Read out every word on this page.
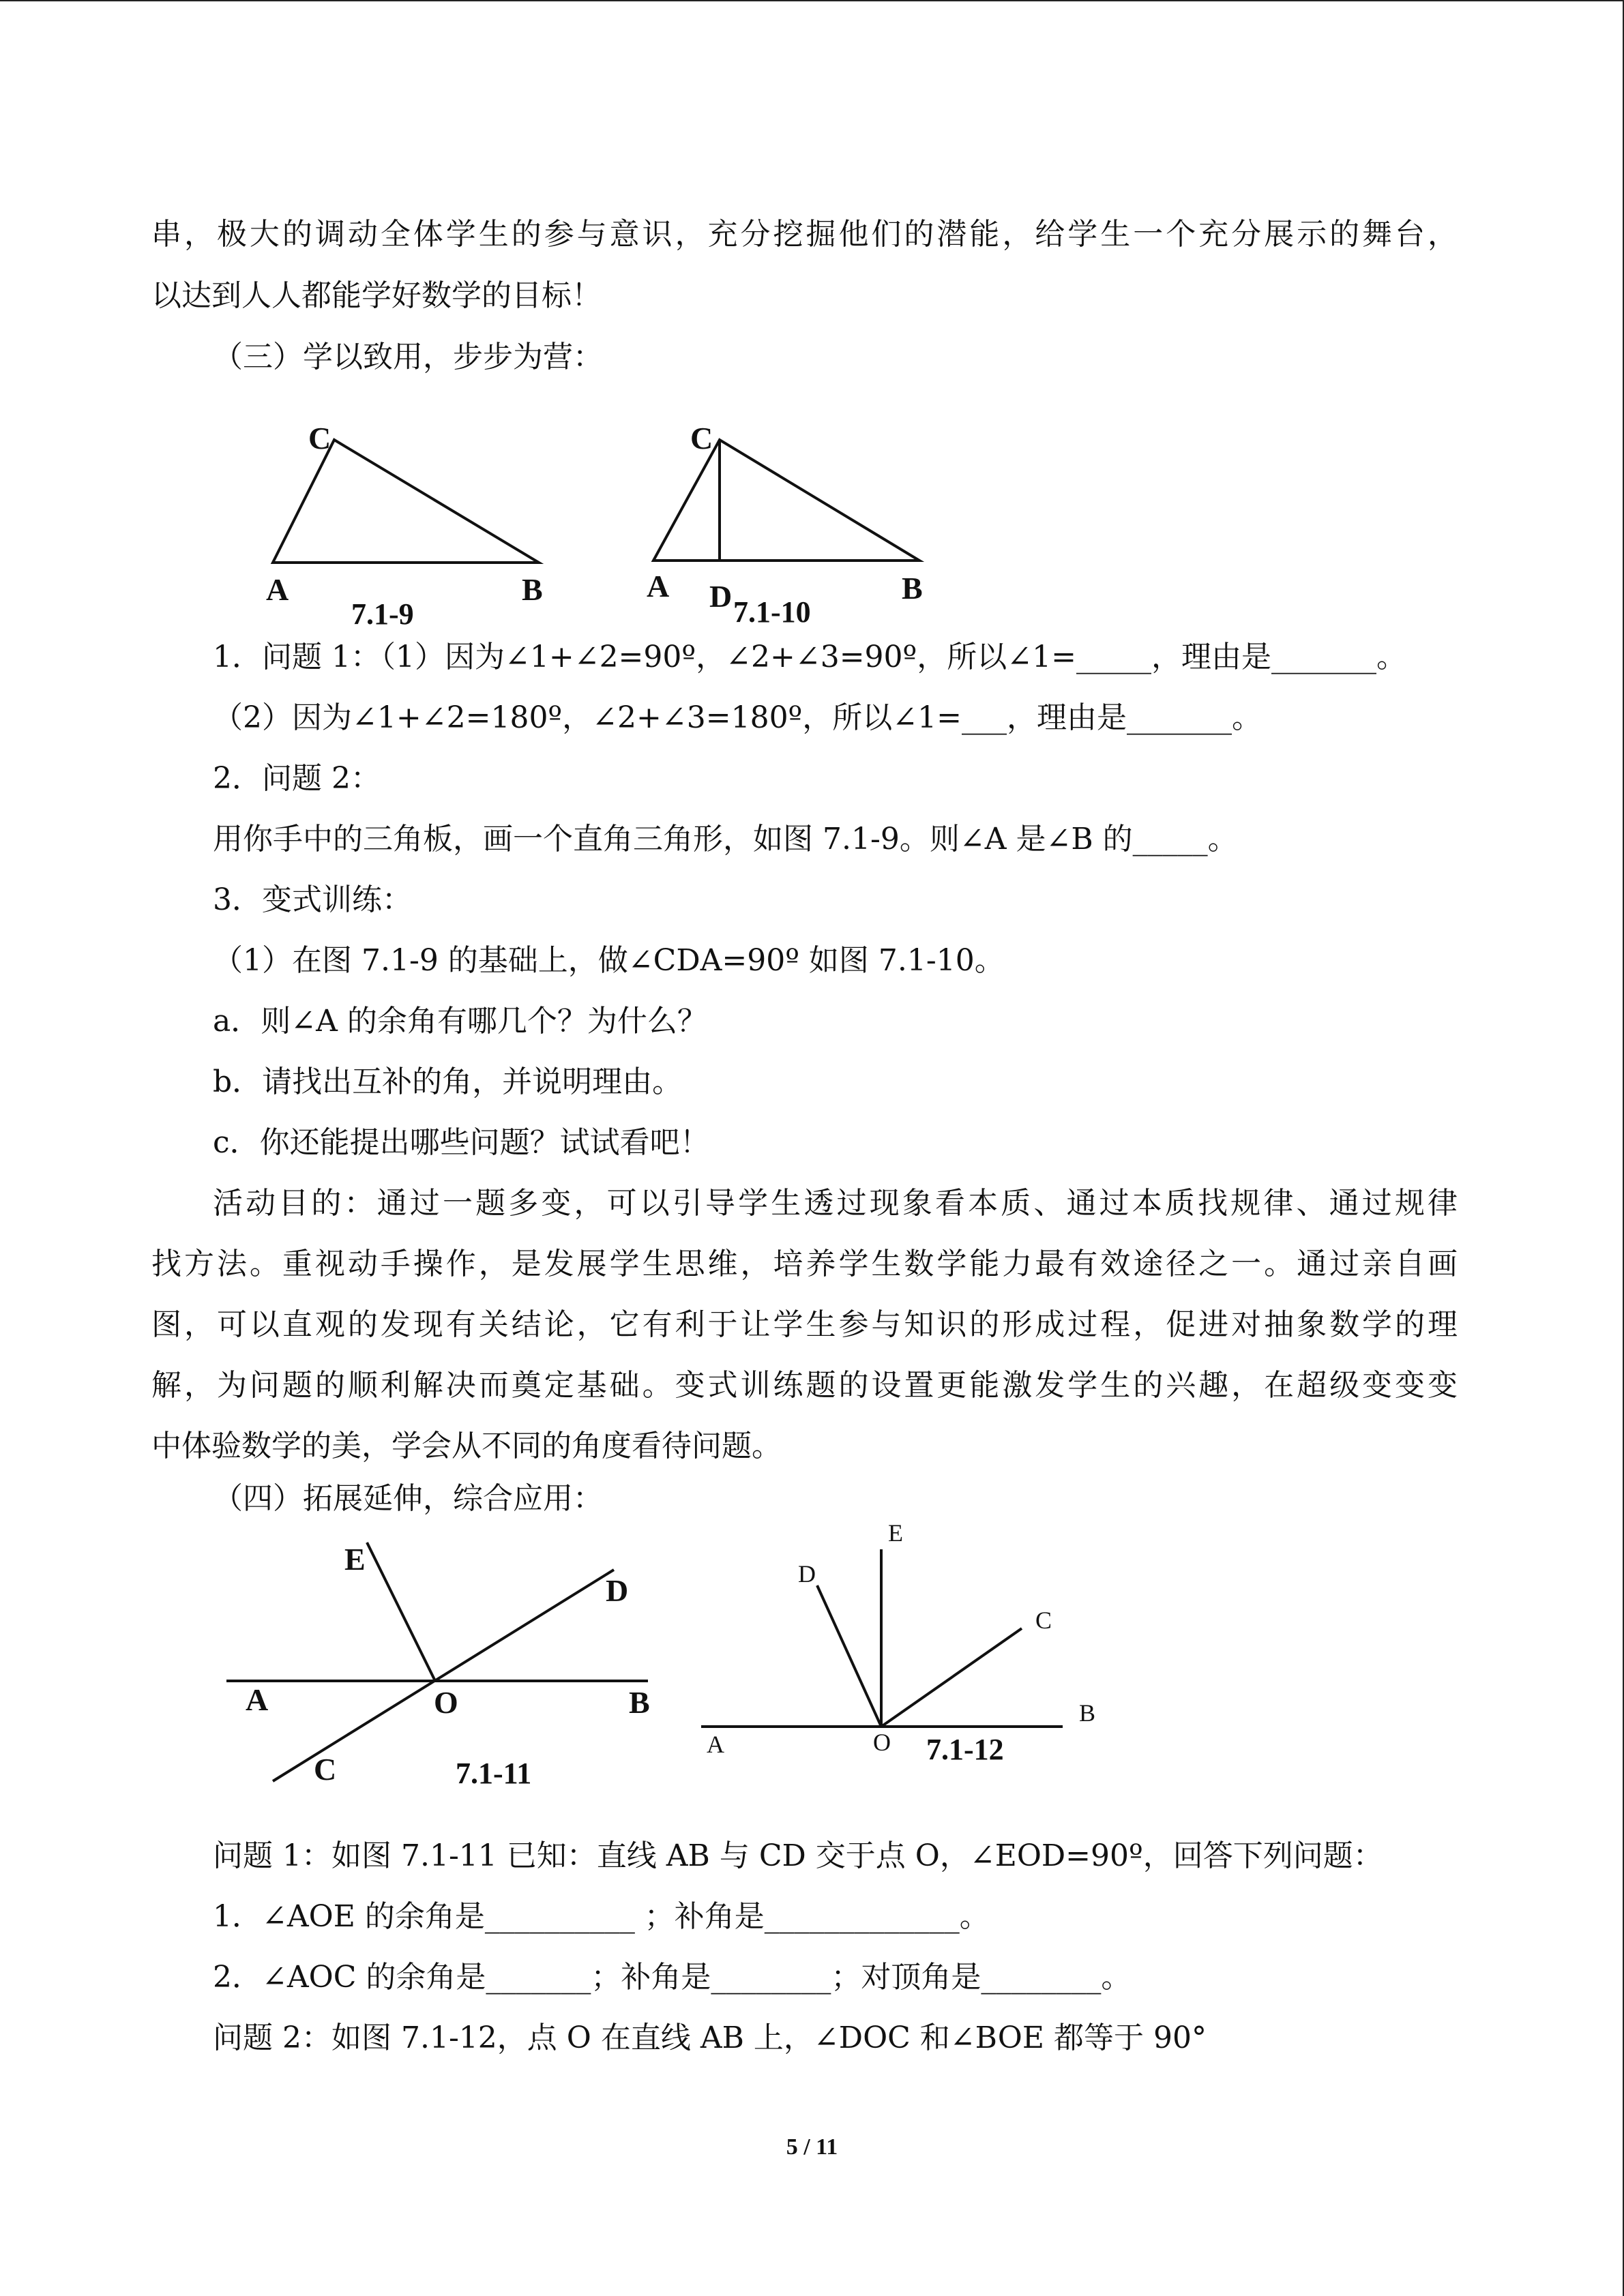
串，极大的调动全体学生的参与意识，充分挖掘他们的潜能，给学生一个充分展示的舞台，
以达到人人都能学好数学的目标！
（三）学以致用，步步为营：
C
A	B
7.1-9
C
A D 7.1-10
B
1．问题 1：（1）因为∠1+∠2=90º，∠2+∠3=90º，所以∠1=_____，理由是_______。
（2）因为∠1+∠2=180º，∠2+∠3=180º，所以∠1=___，理由是_______。
2．问题 2：
用你手中的三角板，画一个直角三角形，如图 7.1-9。则∠A 是∠B 的_____。
3．变式训练：
（1）在图 7.1-9 的基础上，做∠CDA=90º 如图 7.1-10。
a．则∠A 的余角有哪几个？为什么？
b．请找出互补的角，并说明理由。
c．你还能提出哪些问题？试试看吧！
活动目的：通过一题多变，可以引导学生透过现象看本质、通过本质找规律、通过规律
找方法。重视动手操作，是发展学生思维，培养学生数学能力最有效途径之一。通过亲自画
图，可以直观的发现有关结论，它有利于让学生参与知识的形成过程，促进对抽象数学的理
解，为问题的顺利解决而奠定基础。变式训练题的设置更能激发学生的兴趣，在超级变变变
中体验数学的美，学会从不同的角度看待问题。
（四）拓展延伸，综合应用：
E
D
A	O	B
C	7.1-11
E
D
C
B
A	O 7.1-12
问题 1：如图 7.1-11 已知：直线 AB 与 CD 交于点 O，∠EOD=90º，回答下列问题：
1．∠AOE 的余角是__________ ；补角是_____________。
2．∠AOC 的余角是_______；补角是________；对顶角是________。
问题 2：如图 7.1-12，点 O 在直线 AB 上，∠DOC 和∠BOE 都等于 90°
5 / 11
